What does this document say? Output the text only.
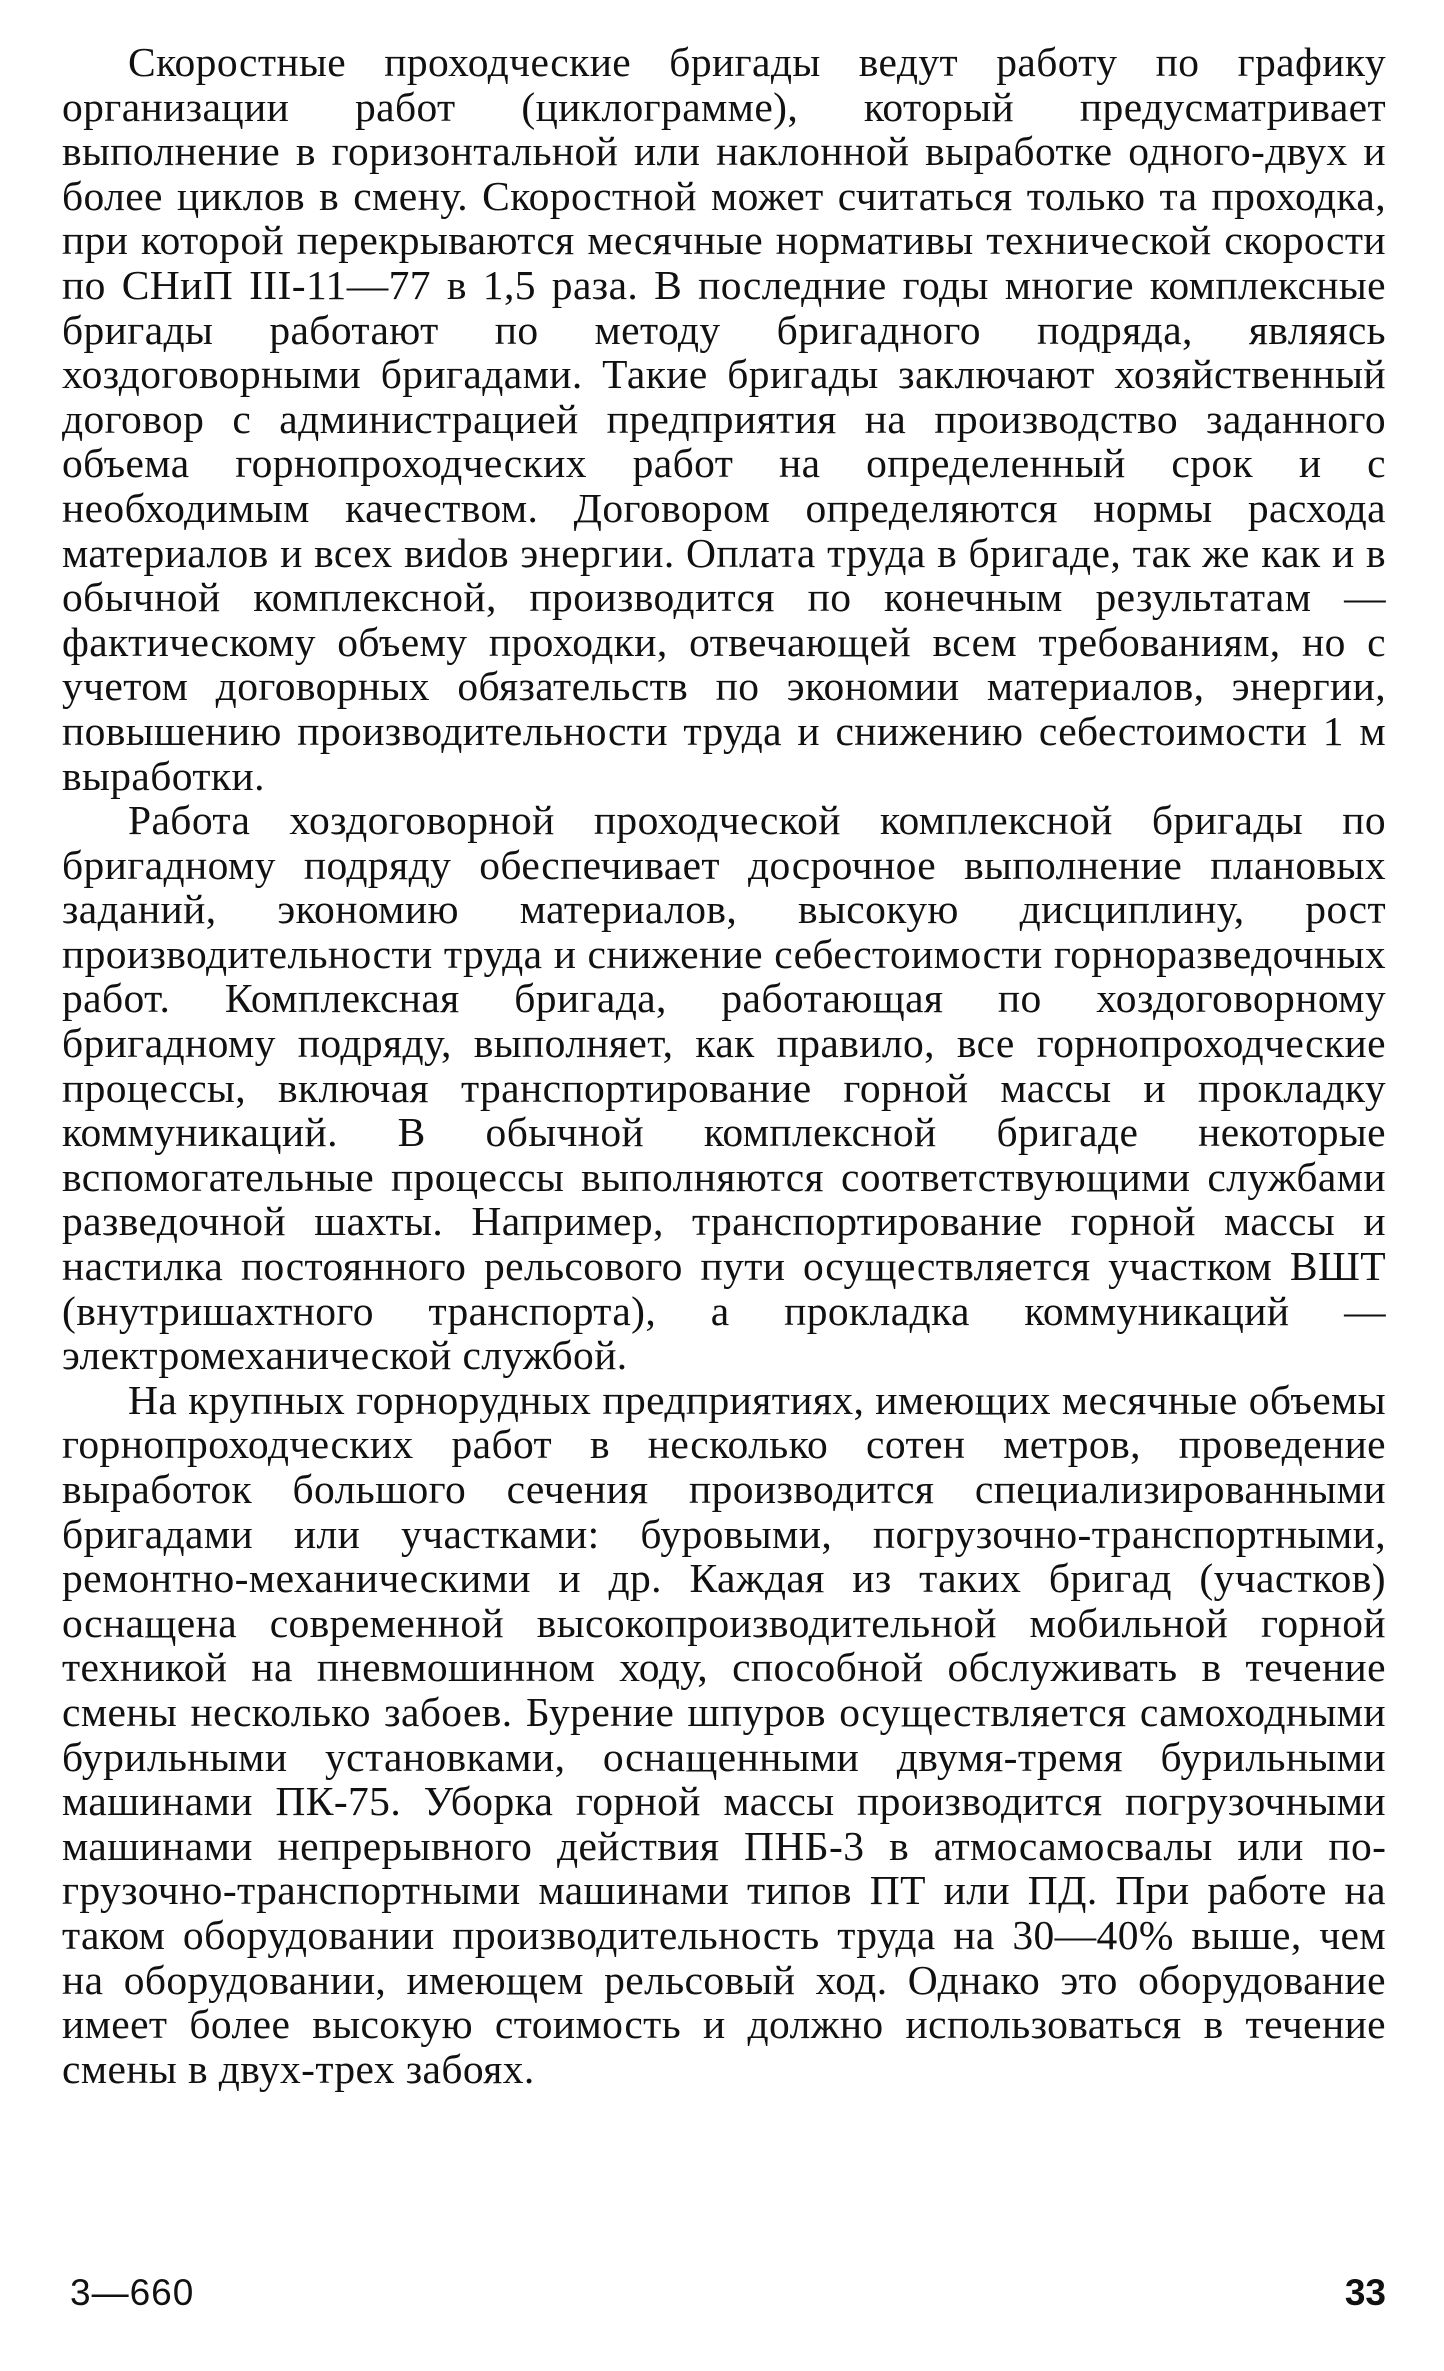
Скоростные проходческие бригады ведут работу по графику организации работ (циклограмме), который предусматривает выполнение в горизонтальной или наклонной выработке одного-двух и более циклов в смену. Скоростной может считаться только та проходка, при которой перекрываются месячные нормативы технической скорости по СНиП III-11—77 в 1,5 раза. В последние годы многие комплексные бригады работают по методу бригадного подряда, являясь хоздоговорными бригадами. Такие бригады заключают хозяйственный договор с администрацией предприятия на производство заданного объема горнопроходческих работ на определенный срок и с необходимым качеством. Договором определяются нормы расхода материалов и всех виdов энергии. Оплата труда в бригаде, так же как и в обычной комплексной, производится по конечным результатам — фактическому объему проходки, отвечающей всем требованиям, но с учетом договорных обязательств по экономии материалов, энергии, повышению производительности труда и снижению себестоимости 1 м выработки.

Работа хоздоговорной проходческой комплексной бригады по бригадному подряду обеспечивает досрочное выполнение плановых заданий, экономию материалов, высокую дисциплину, рост производительности труда и снижение себестоимости горноразведочных работ. Комплексная бригада, работающая по хоздоговорному бригадному подряду, выполняет, как правило, все горнопроходческие процессы, включая транспортирование горной массы и прокладку коммуникаций. В обычной комплексной бригаде некоторые вспомогательные процессы выполняются соответствующими службами разведочной шахты. Например, транспортирование горной массы и настилка постоянного рельсового пути осуществляется участком ВШТ (внутришахтного транспорта), а прокладка коммуникаций — электромеханической службой.

На крупных горнорудных предприятиях, имеющих месячные объемы горнопроходческих работ в несколько сотен метров, проведение выработок большого сечения производится специализированными бригадами или участками: буровыми, погрузочно-транспортными, ремонтно-механическими и др. Каждая из таких бригад (участков) оснащена современной высокопроизводительной мобильной горной техникой на пневмошинном ходу, способной обслуживать в течение смены несколько забоев. Бурение шпуров осуществляется самоходными бурильными установками, оснащенными двумя-тремя бурильными машинами ПК-75. Уборка горной массы производится погрузочными машинами непрерывного действия ПНБ-3 в атмосамосвалы или погрузочно-транспортными машинами типов ПТ или ПД. При работе на таком оборудовании производительность труда на 30—40% выше, чем на оборудовании, имеющем рельсовый ход. Однако это оборудование имеет более высокую стоимость и должно использоваться в течение смены в двух-трех забоях.

3—660	33
